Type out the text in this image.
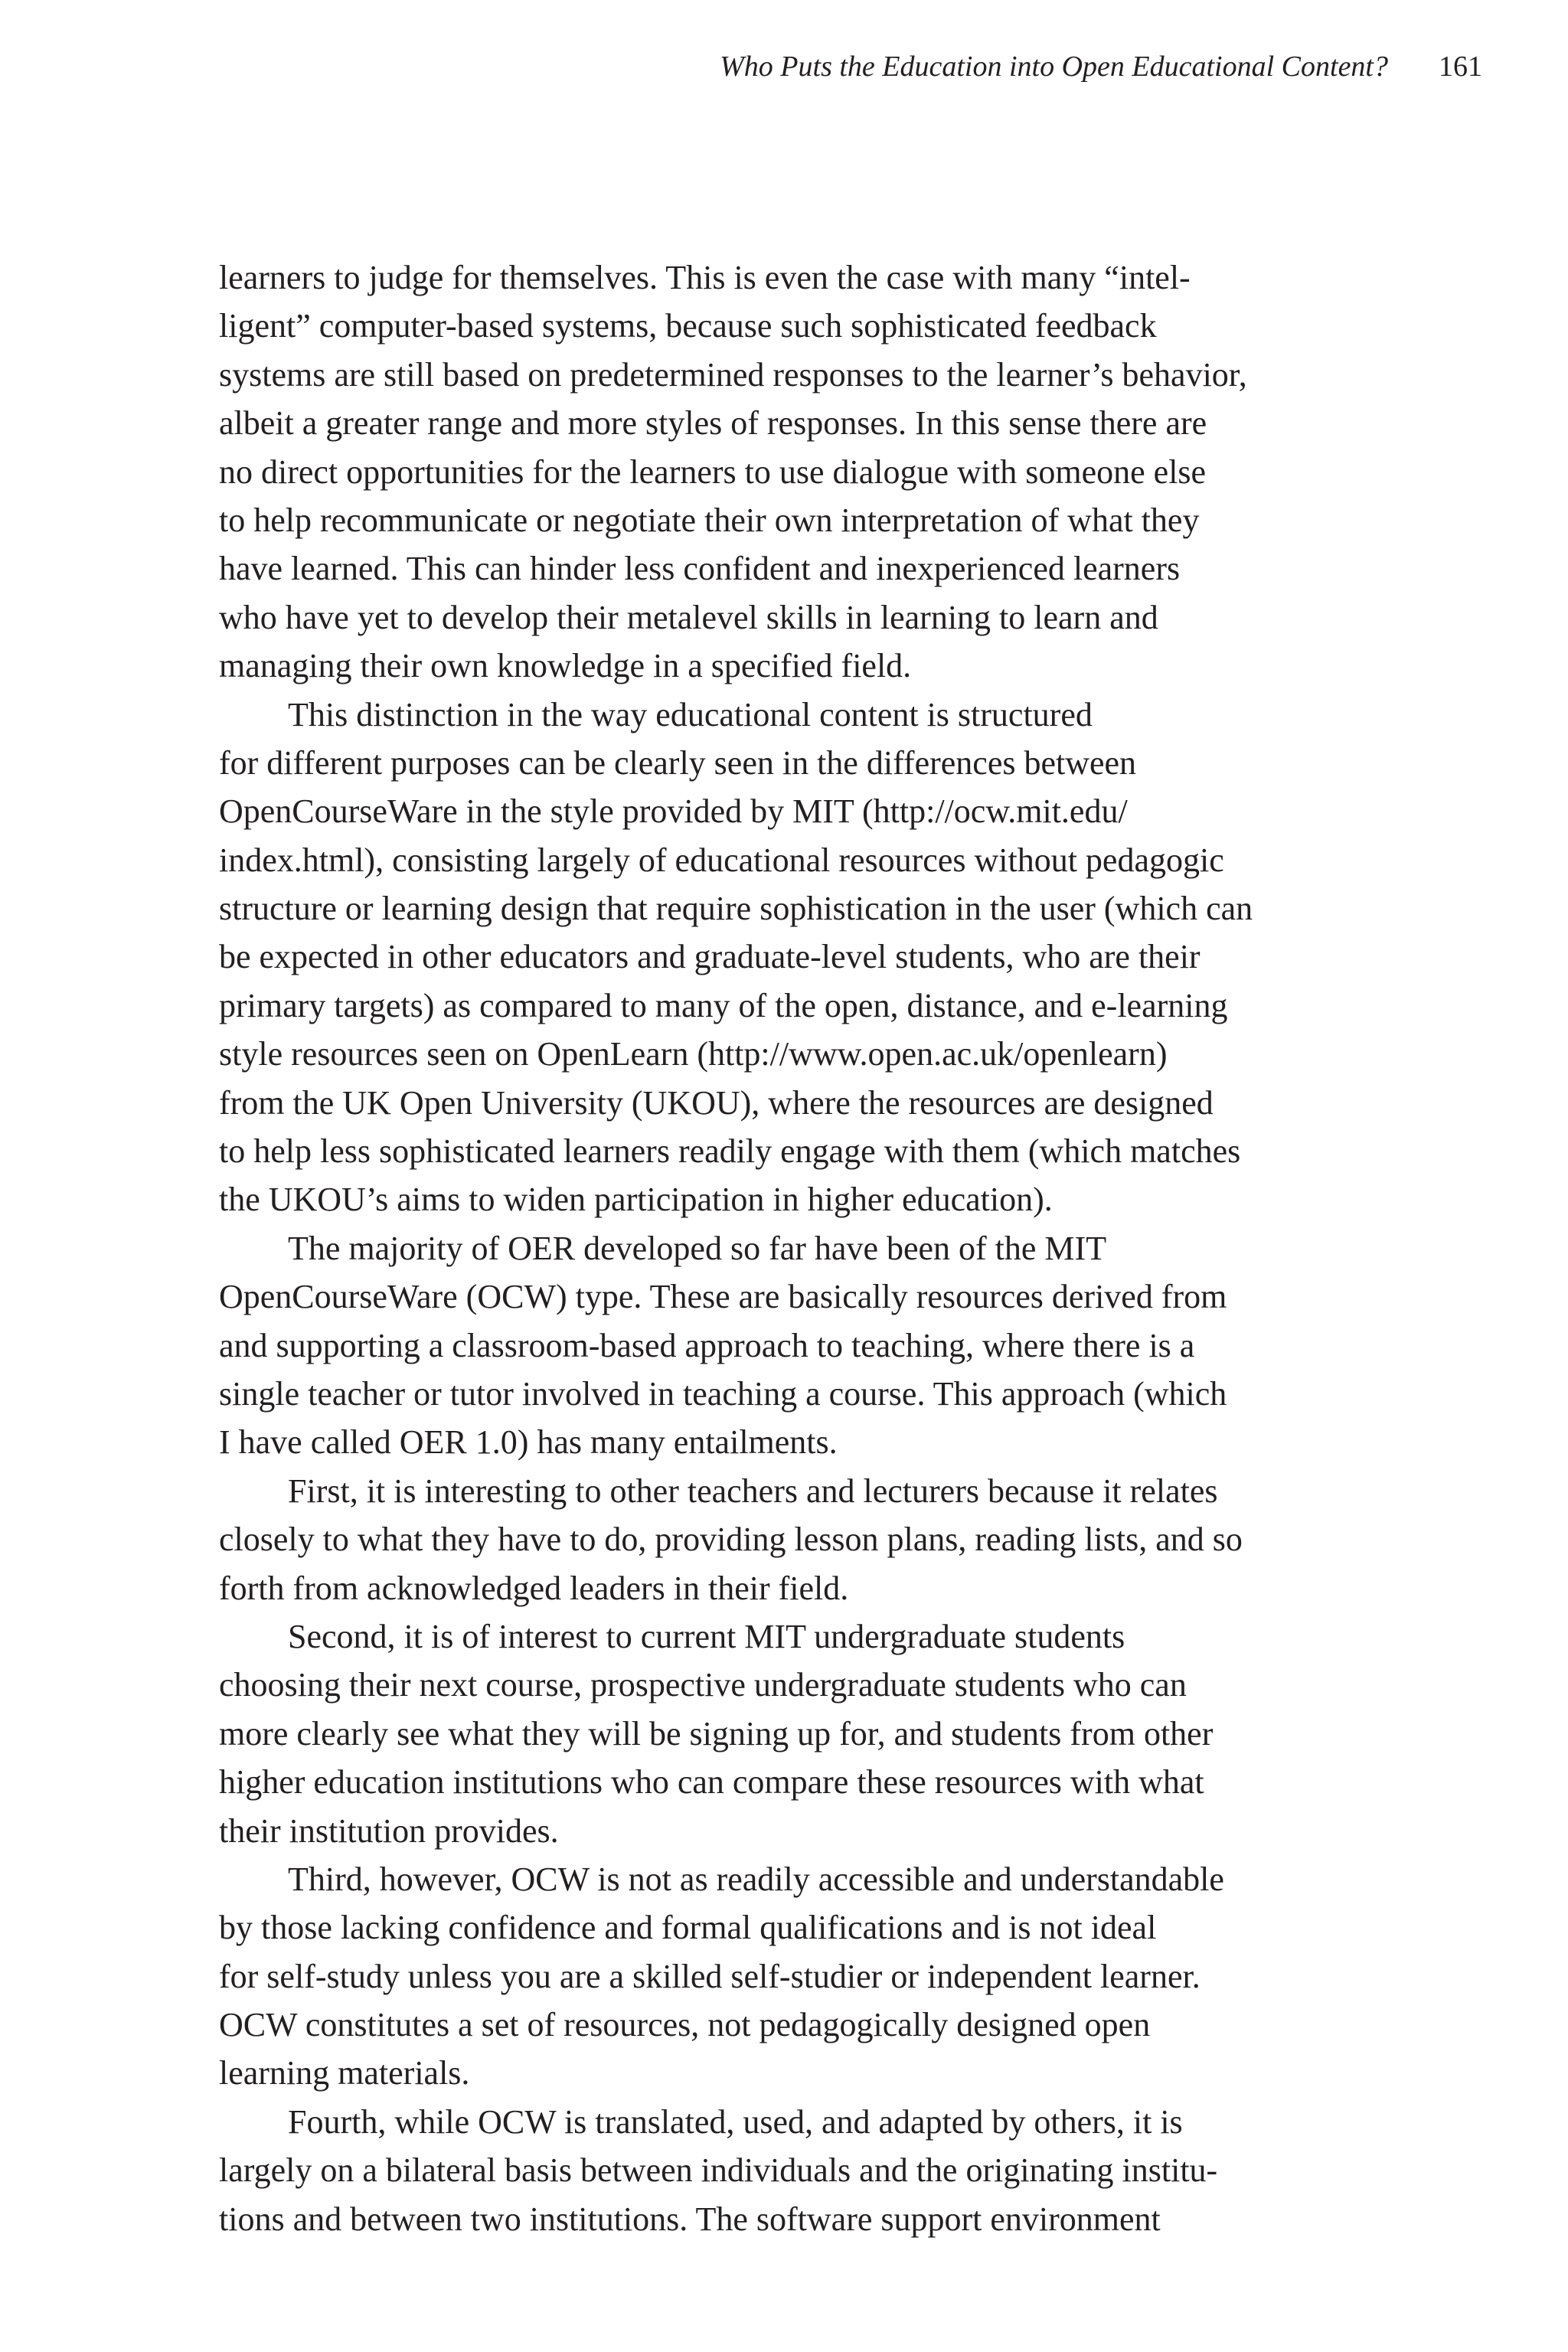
Who Puts the Education into Open Educational Content? 161
learners to judge for themselves. This is even the case with many “intel-
ligent” computer-based systems, because such sophisticated feedback
systems are still based on predetermined responses to the learner’s behavior,
albeit a greater range and more styles of responses. In this sense there are
no direct opportunities for the learners to use dialogue with someone else
to help recommunicate or negotiate their own interpretation of what they
have learned. This can hinder less confident and inexperienced learners
who have yet to develop their metalevel skills in learning to learn and
managing their own knowledge in a specified field.
This distinction in the way educational content is structured
for different purposes can be clearly seen in the differences between
OpenCourseWare in the style provided by MIT (http://ocw.mit.edu/
index.html), consisting largely of educational resources without pedagogic
structure or learning design that require sophistication in the user (which can
be expected in other educators and graduate-level students, who are their
primary targets) as compared to many of the open, distance, and e-learning
style resources seen on OpenLearn (http://www.open.ac.uk/openlearn)
from the UK Open University (UKOU), where the resources are designed
to help less sophisticated learners readily engage with them (which matches
the UKOU’s aims to widen participation in higher education).
The majority of OER developed so far have been of the MIT
OpenCourseWare (OCW) type. These are basically resources derived from
and supporting a classroom-based approach to teaching, where there is a
single teacher or tutor involved in teaching a course. This approach (which
I have called OER 1.0) has many entailments.
First, it is interesting to other teachers and lecturers because it relates
closely to what they have to do, providing lesson plans, reading lists, and so
forth from acknowledged leaders in their field.
Second, it is of interest to current MIT undergraduate students
choosing their next course, prospective undergraduate students who can
more clearly see what they will be signing up for, and students from other
higher education institutions who can compare these resources with what
their institution provides.
Third, however, OCW is not as readily accessible and understandable
by those lacking confidence and formal qualifications and is not ideal
for self-study unless you are a skilled self-studier or independent learner.
OCW constitutes a set of resources, not pedagogically designed open
learning materials.
Fourth, while OCW is translated, used, and adapted by others, it is
largely on a bilateral basis between individuals and the originating institu-
tions and between two institutions. The software support environment
